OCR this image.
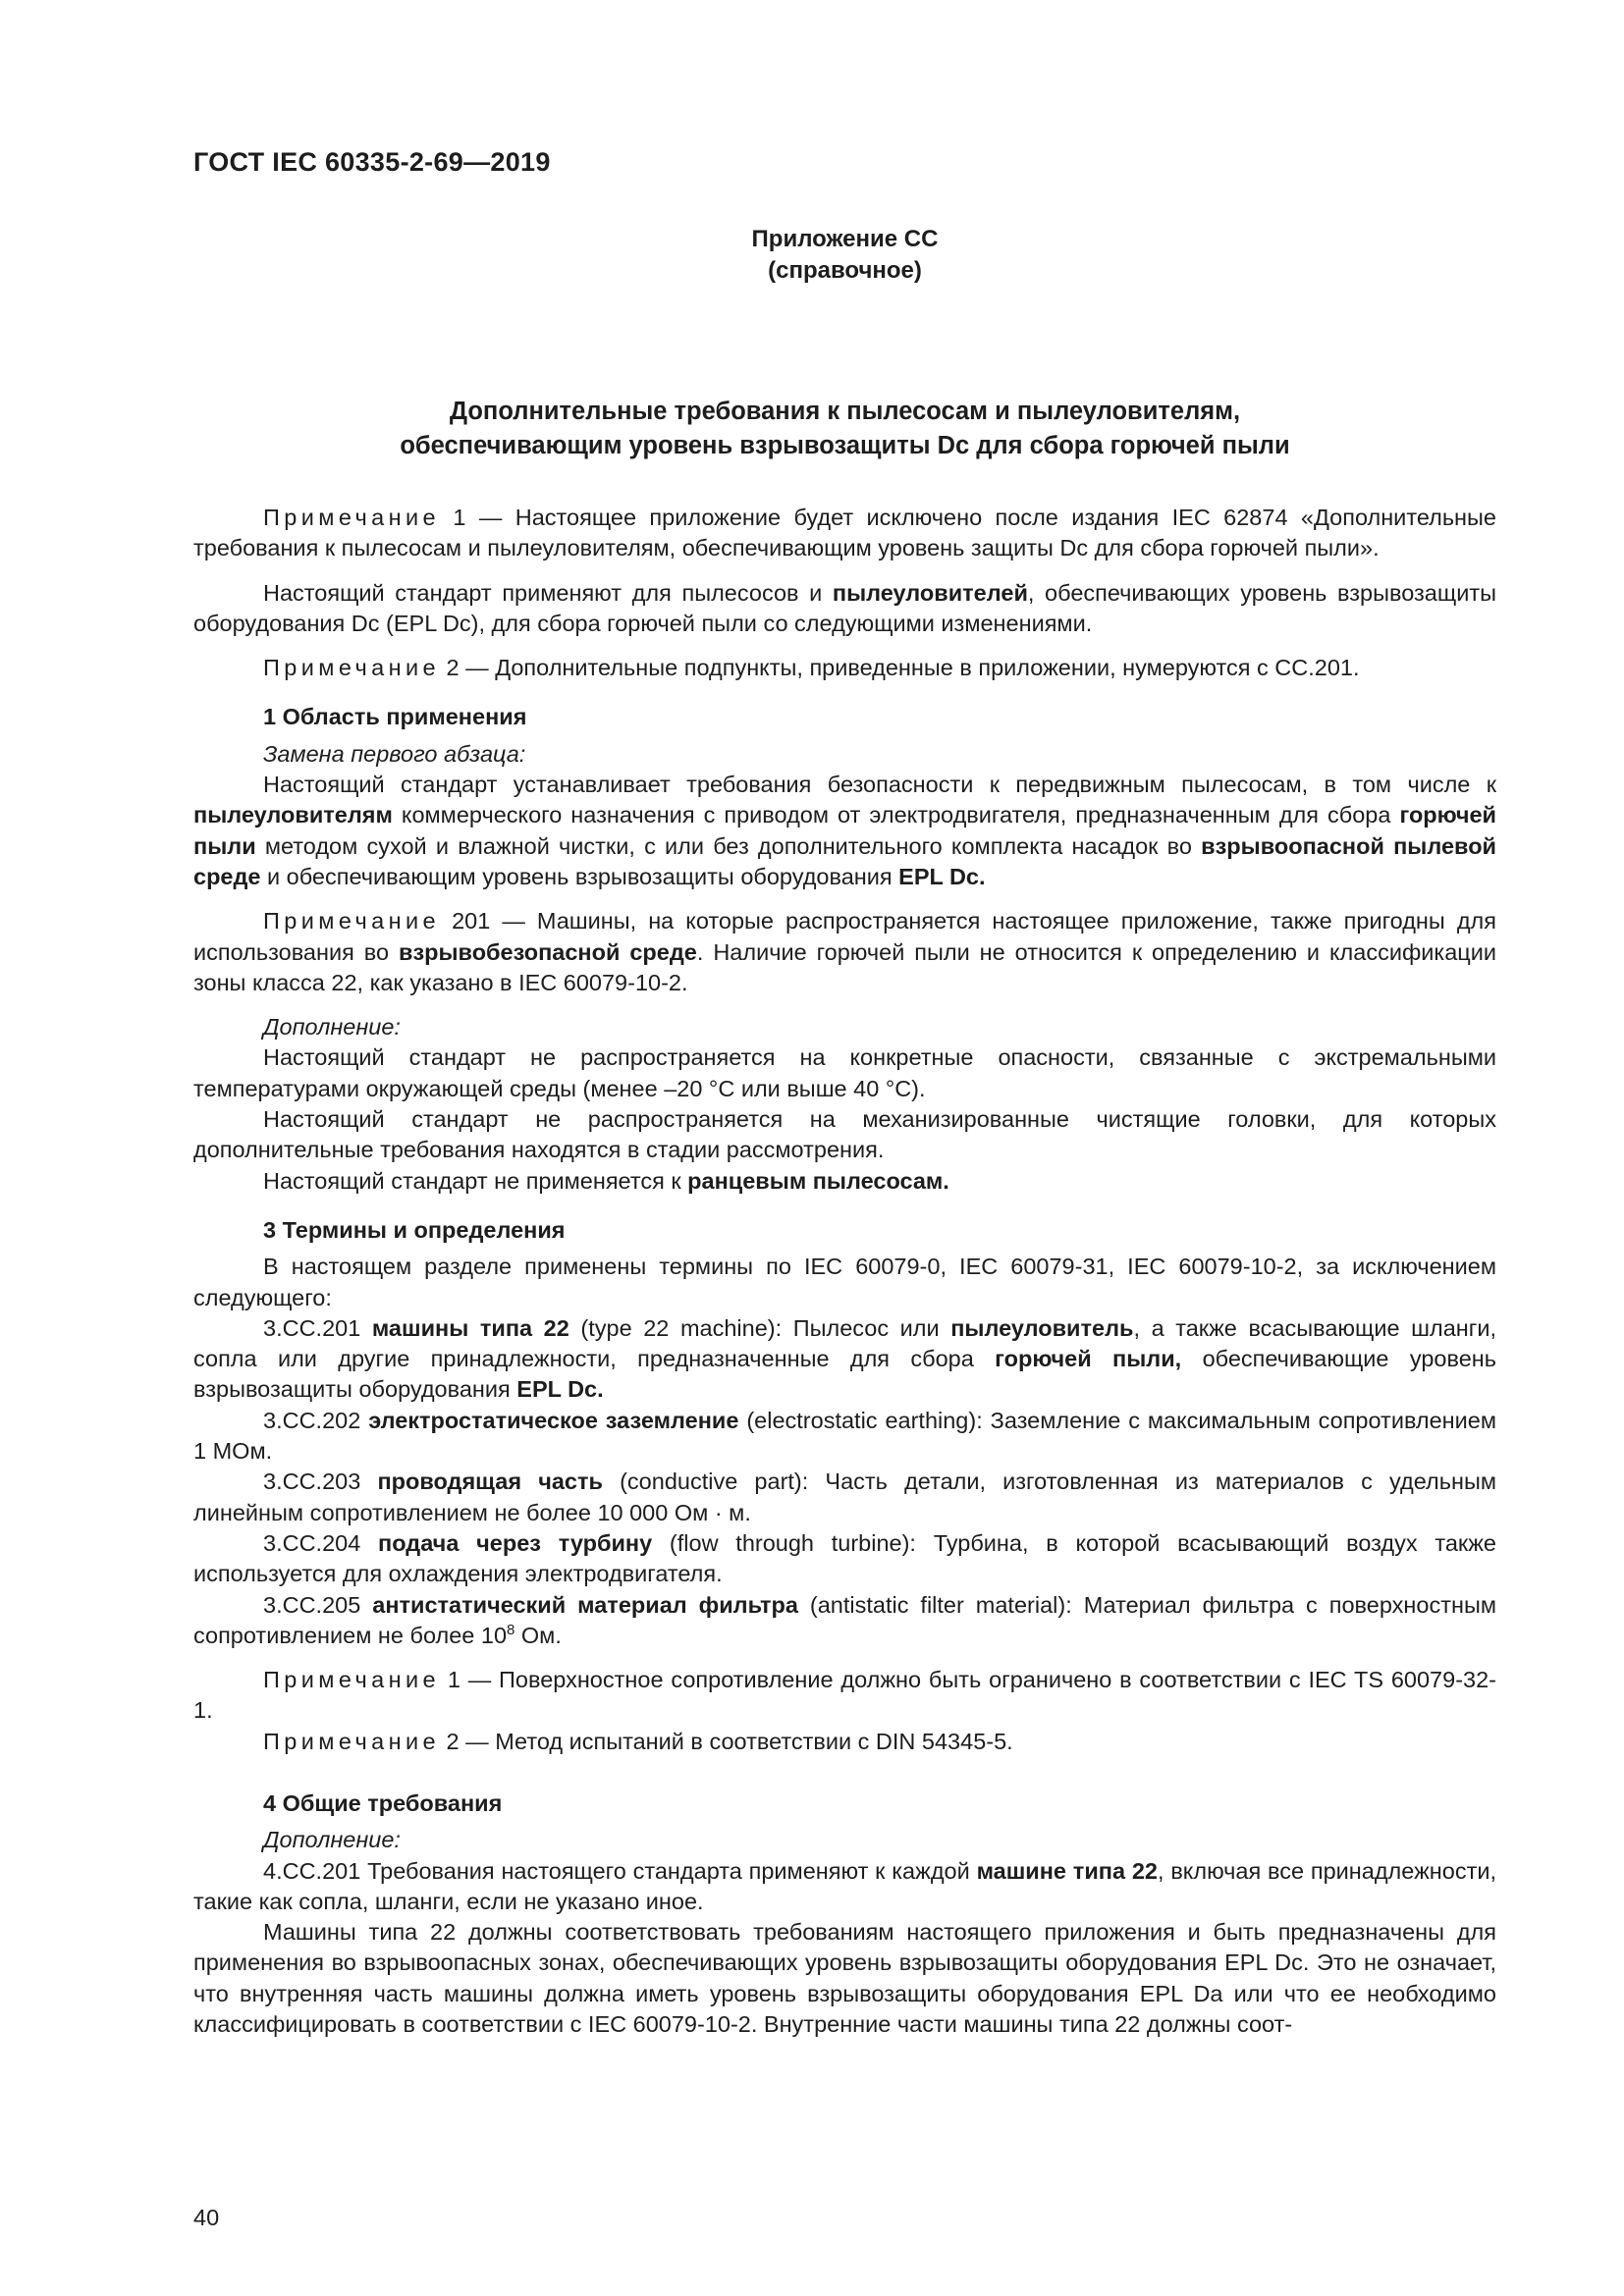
ГОСТ IEC 60335-2-69—2019
Приложение СС
(справочное)
Дополнительные требования к пылесосам и пылеуловителям,
обеспечивающим уровень взрывозащиты Dc для сбора горючей пыли

Примечание 1 — Настоящее приложение будет исключено после издания IEC 62874 «Дополнительные требования к пылесосам и пылеуловителям, обеспечивающим уровень защиты Dc для сбора горючей пыли».

Настоящий стандарт применяют для пылесосов и пылеуловителей, обеспечивающих уровень взрывозащиты оборудования Dc (EPL Dc), для сбора горючей пыли со следующими изменениями.

Примечание 2 — Дополнительные подпункты, приведенные в приложении, нумеруются с СС.201.

1 Область применения

Замена первого абзаца:

Настоящий стандарт устанавливает требования безопасности к передвижным пылесосам, в том числе к пылеуловителям коммерческого назначения с приводом от электродвигателя, предназначенным для сбора горючей пыли методом сухой и влажной чистки, с или без дополнительного комплекта насадок во взрывоопасной пылевой среде и обеспечивающим уровень взрывозащиты оборудования EPL Dc.

Примечание 201 — Машины, на которые распространяется настоящее приложение, также пригодны для использования во взрывобезопасной среде. Наличие горючей пыли не относится к определению и классификации зоны класса 22, как указано в IEC 60079-10-2.

Дополнение:

Настоящий стандарт не распространяется на конкретные опасности, связанные с экстремальными температурами окружающей среды (менее –20 °С или выше 40 °С).

Настоящий стандарт не распространяется на механизированные чистящие головки, для которых дополнительные требования находятся в стадии рассмотрения.

Настоящий стандарт не применяется к ранцевым пылесосам.

3 Термины и определения

В настоящем разделе применены термины по IEC 60079-0, IEC 60079-31, IEC 60079-10-2, за исключением следующего:

3.СС.201 машины типа 22 (type 22 machine): Пылесос или пылеуловитель, а также всасывающие шланги, сопла или другие принадлежности, предназначенные для сбора горючей пыли, обеспечивающие уровень взрывозащиты оборудования EPL Dc.

3.СС.202 электростатическое заземление (electrostatic earthing): Заземление с максимальным сопротивлением 1 МОм.

3.СС.203 проводящая часть (conductive part): Часть детали, изготовленная из материалов с удельным линейным сопротивлением не более 10 000 Ом · м.

3.СС.204 подача через турбину (flow through turbine): Турбина, в которой всасывающий воздух также используется для охлаждения электродвигателя.

3.СС.205 антистатический материал фильтра (antistatic filter material): Материал фильтра с поверхностным сопротивлением не более $10^8$ Ом.

Примечание 1 — Поверхностное сопротивление должно быть ограничено в соответствии с IEC TS 60079-32-1.

Примечание 2 — Метод испытаний в соответствии с DIN 54345-5.

4 Общие требования

Дополнение:

4.СС.201 Требования настоящего стандарта применяют к каждой машине типа 22, включая все принадлежности, такие как сопла, шланги, если не указано иное.

Машины типа 22 должны соответствовать требованиям настоящего приложения и быть предназначены для применения во взрывоопасных зонах, обеспечивающих уровень взрывозащиты оборудования EPL Dc. Это не означает, что внутренняя часть машины должна иметь уровень взрывозащиты оборудования EPL Da или что ее необходимо классифицировать в соответствии с IEC 60079-10-2. Внутренние части машины типа 22 должны соот-

40
